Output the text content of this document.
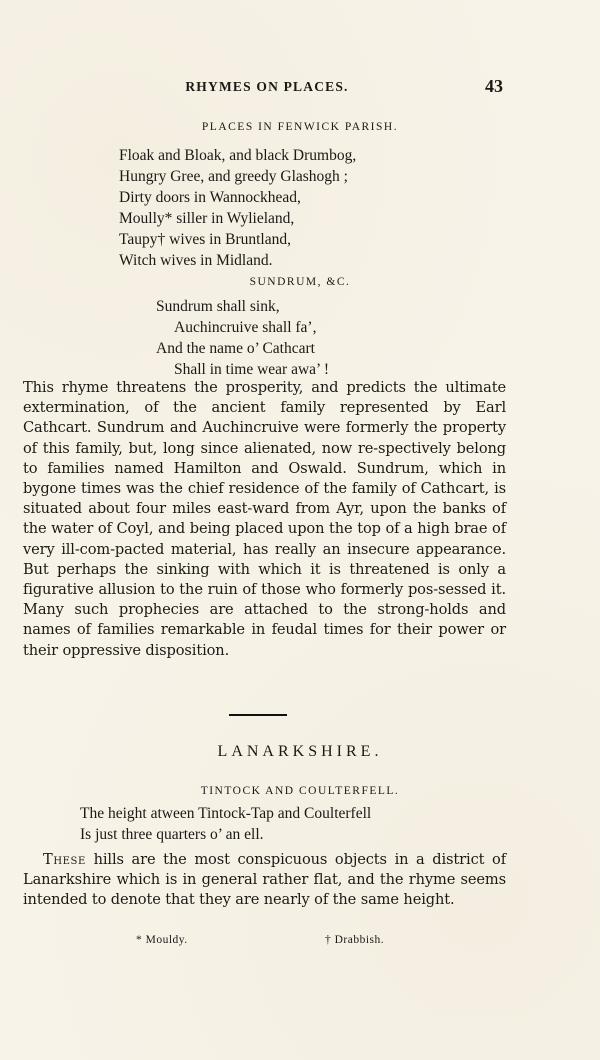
RHYMES ON PLACES.	43
PLACES IN FENWICK PARISH.
Floak and Bloak, and black Drumbog,
Hungry Gree, and greedy Glashogh ;
Dirty doors in Wannockhead,
Moully* siller in Wylieland,
Taupy† wives in Bruntland,
Witch wives in Midland.
SUNDRUM, &C.
Sundrum shall sink,
Auchincruive shall fa’,
And the name o’ Cathcart
Shall in time wear awa’ !
This rhyme threatens the prosperity, and predicts the ultimate extermination, of the ancient family represented by Earl Cathcart. Sundrum and Auchincruive were formerly the property of this family, but, long since alienated, now re-spectively belong to families named Hamilton and Oswald. Sundrum, which in bygone times was the chief residence of the family of Cathcart, is situated about four miles east-ward from Ayr, upon the banks of the water of Coyl, and being placed upon the top of a high brae of very ill-com-pacted material, has really an insecure appearance. But perhaps the sinking with which it is threatened is only a figurative allusion to the ruin of those who formerly pos-sessed it. Many such prophecies are attached to the strong-holds and names of families remarkable in feudal times for their power or their oppressive disposition.
LANARKSHIRE.
TINTOCK AND COULTERFELL.
The height atween Tintock-Tap and Coulterfell
Is just three quarters o’ an ell.
These hills are the most conspicuous objects in a district of Lanarkshire which is in general rather flat, and the rhyme seems intended to denote that they are nearly of the same height.
* Mouldy.	† Drabbish.
